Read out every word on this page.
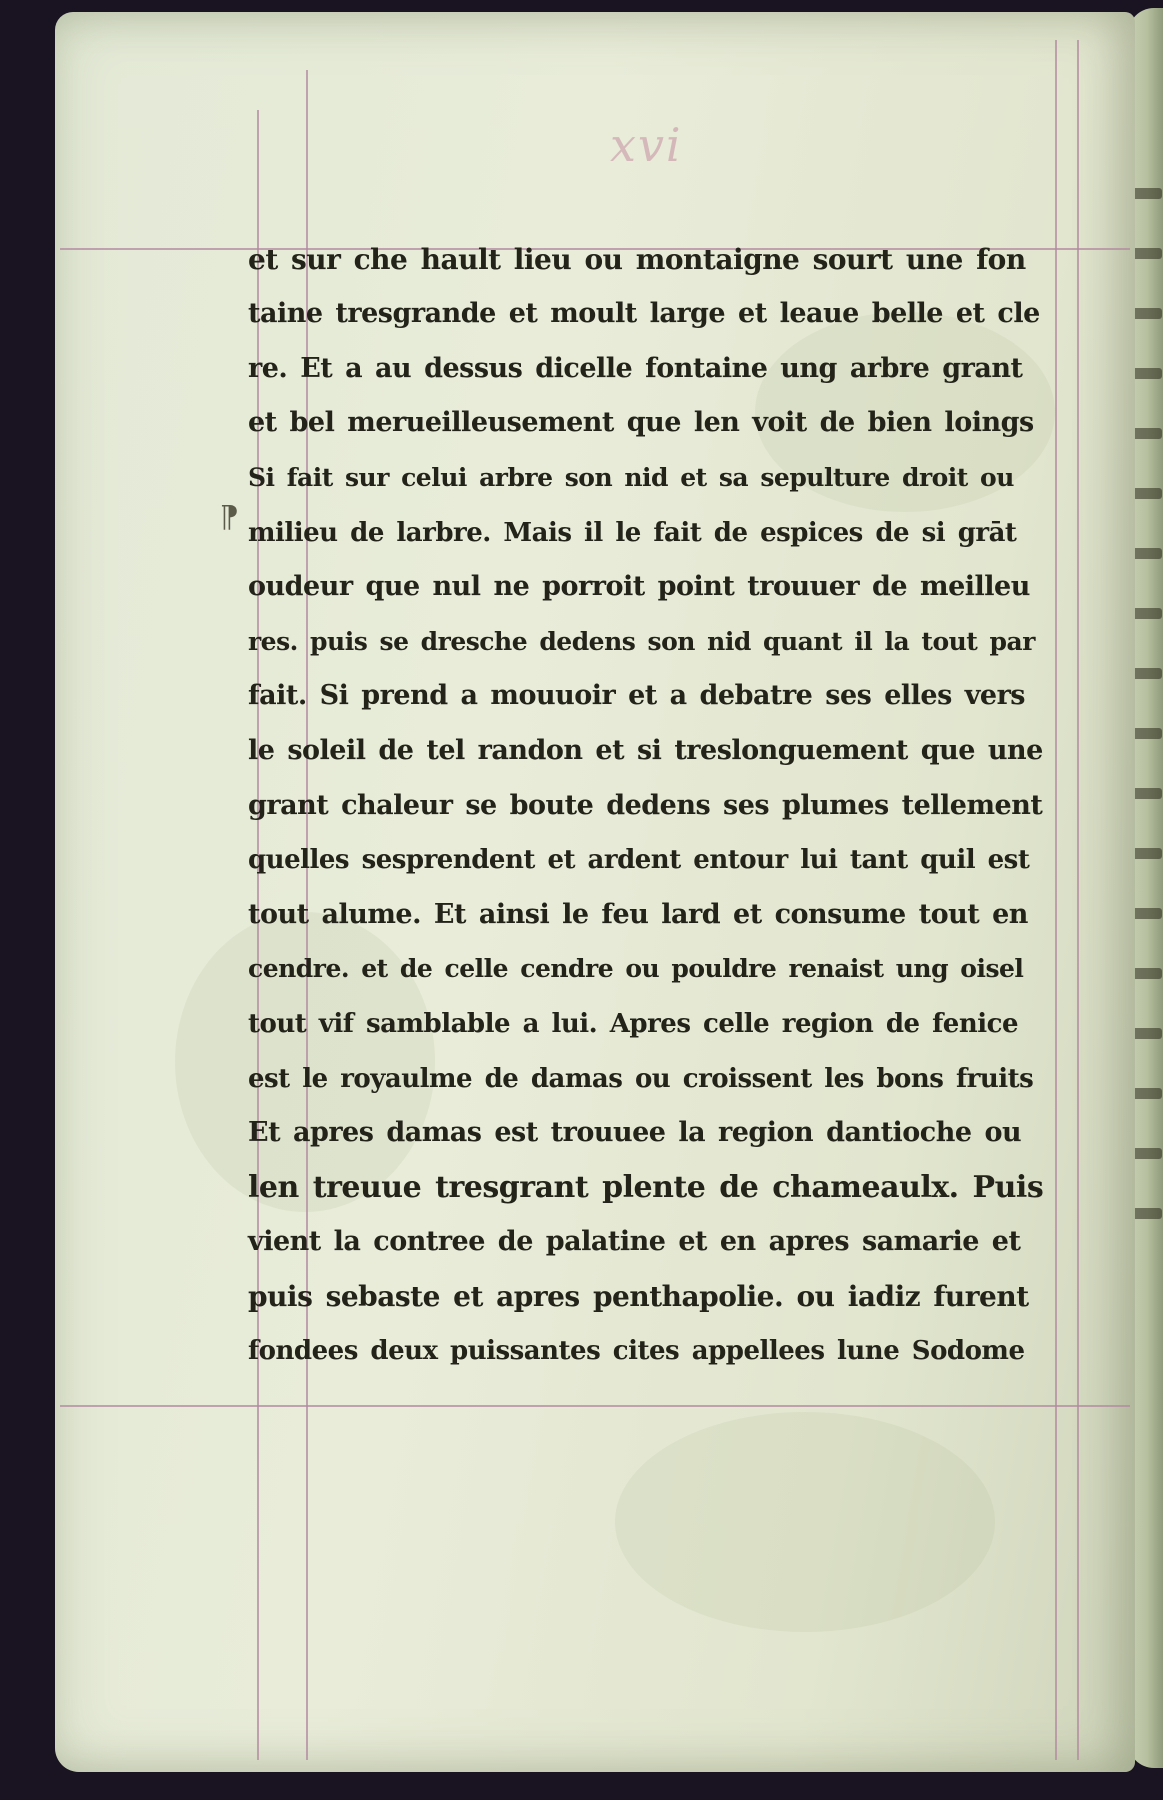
xvi
⁋
et sur che hault lieu ou montaigne sourt une fon
taine tresgrande et moult large et leaue belle et cle
re. Et a au dessus dicelle fontaine ung arbre grant
et bel merueilleusement que len voit de bien loings
Si fait sur celui arbre son nid et sa sepulture droit ou
milieu de larbre. Mais il le fait de espices de si grāt
oudeur que nul ne porroit point trouuer de meilleu
res. puis se dresche dedens son nid quant il la tout par
fait. Si prend a mouuoir et a debatre ses elles vers
le soleil de tel randon et si treslonguement que une
grant chaleur se boute dedens ses plumes tellement
quelles sesprendent et ardent entour lui tant quil est
tout alume. Et ainsi le feu lard et consume tout en
cendre. et de celle cendre ou pouldre renaist ung oisel
tout vif samblable a lui. Apres celle region de fenice
est le royaulme de damas ou croissent les bons fruits
Et apres damas est trouuee la region dantioche ou
len treuue tresgrant plente de chameaulx. Puis
vient la contree de palatine et en apres samarie et
puis sebaste et apres penthapolie. ou iadiz furent
fondees deux puissantes cites appellees lune Sodome
